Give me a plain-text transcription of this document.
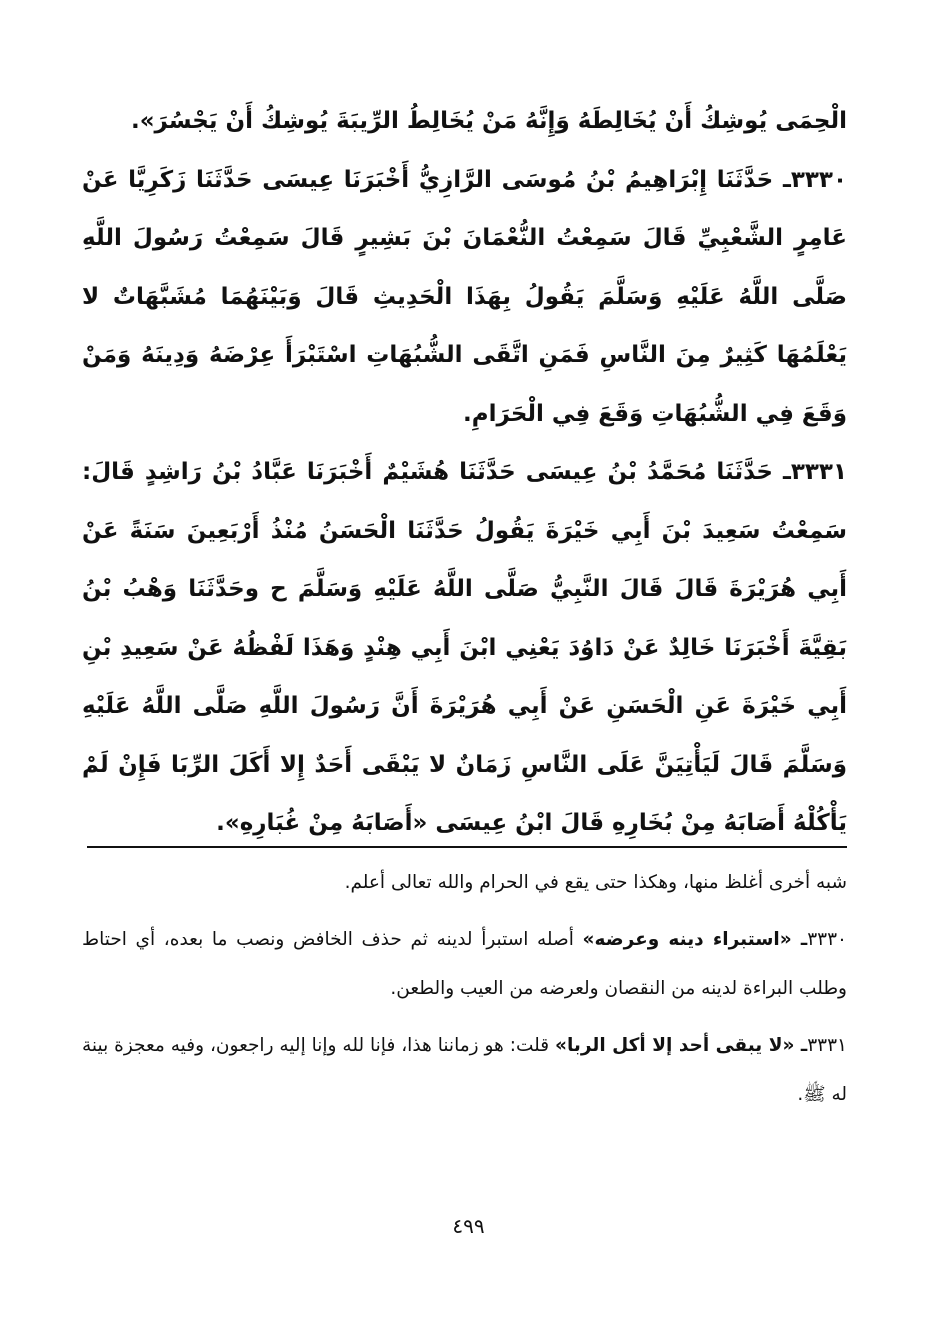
الْحِمَى يُوشِكُ أَنْ يُخَالِطَهُ وَإِنَّهُ مَنْ يُخَالِطُ الرِّيبَةَ يُوشِكُ أَنْ يَجْسُرَ».

٣٣٣٠ـ حَدَّثَنَا إِبْرَاهِيمُ بْنُ مُوسَى الرَّازِيُّ أَخْبَرَنَا عِيسَى حَدَّثَنَا زَكَرِيَّا عَنْ عَامِرٍ الشَّعْبِيِّ قَالَ سَمِعْتُ النُّعْمَانَ بْنَ بَشِيرٍ قَالَ سَمِعْتُ رَسُولَ اللَّهِ صَلَّى اللَّهُ عَلَيْهِ وَسَلَّمَ يَقُولُ بِهَذَا الْحَدِيثِ قَالَ وَبَيْنَهُمَا مُشَبَّهَاتٌ لا يَعْلَمُهَا كَثِيرٌ مِنَ النَّاسِ فَمَنِ اتَّقَى الشُّبُهَاتِ اسْتَبْرَأَ عِرْضَهُ وَدِينَهُ وَمَنْ وَقَعَ فِي الشُّبُهَاتِ وَقَعَ فِي الْحَرَامِ.

٣٣٣١ـ حَدَّثَنَا مُحَمَّدُ بْنُ عِيسَى حَدَّثَنَا هُشَيْمٌ أَخْبَرَنَا عَبَّادُ بْنُ رَاشِدٍ قَالَ: سَمِعْتُ سَعِيدَ بْنَ أَبِي خَيْرَةَ يَقُولُ حَدَّثَنَا الْحَسَنُ مُنْذُ أَرْبَعِينَ سَنَةً عَنْ أَبِي هُرَيْرَةَ قَالَ قَالَ النَّبِيُّ صَلَّى اللَّهُ عَلَيْهِ وَسَلَّمَ ح وحَدَّثَنَا وَهْبُ بْنُ بَقِيَّةَ أَخْبَرَنَا خَالِدٌ عَنْ دَاوُدَ يَعْنِي ابْنَ أَبِي هِنْدٍ وَهَذَا لَفْظُهُ عَنْ سَعِيدِ بْنِ أَبِي خَيْرَةَ عَنِ الْحَسَنِ عَنْ أَبِي هُرَيْرَةَ أَنَّ رَسُولَ اللَّهِ صَلَّى اللَّهُ عَلَيْهِ وَسَلَّمَ قَالَ لَيَأْتِيَنَّ عَلَى النَّاسِ زَمَانٌ لا يَبْقَى أَحَدٌ إِلا أَكَلَ الرِّبَا فَإِنْ لَمْ يَأْكُلْهُ أَصَابَهُ مِنْ بُخَارِهِ قَالَ ابْنُ عِيسَى «أَصَابَهُ مِنْ غُبَارِهِ».

شبه أخرى أغلظ منها، وهكذا حتى يقع في الحرام والله تعالى أعلم.

٣٣٣٠ـ «استبراء دينه وعرضه» أصله استبرأ لدينه ثم حذف الخافض ونصب ما بعده، أي احتاط وطلب البراءة لدينه من النقصان ولعرضه من العيب والطعن.

٣٣٣١ـ «لا يبقى أحد إلا أكل الربا» قلت: هو زماننا هذا، فإنا لله وإنا إليه راجعون، وفيه معجزة بينة له ﷺ.

٤٩٩
